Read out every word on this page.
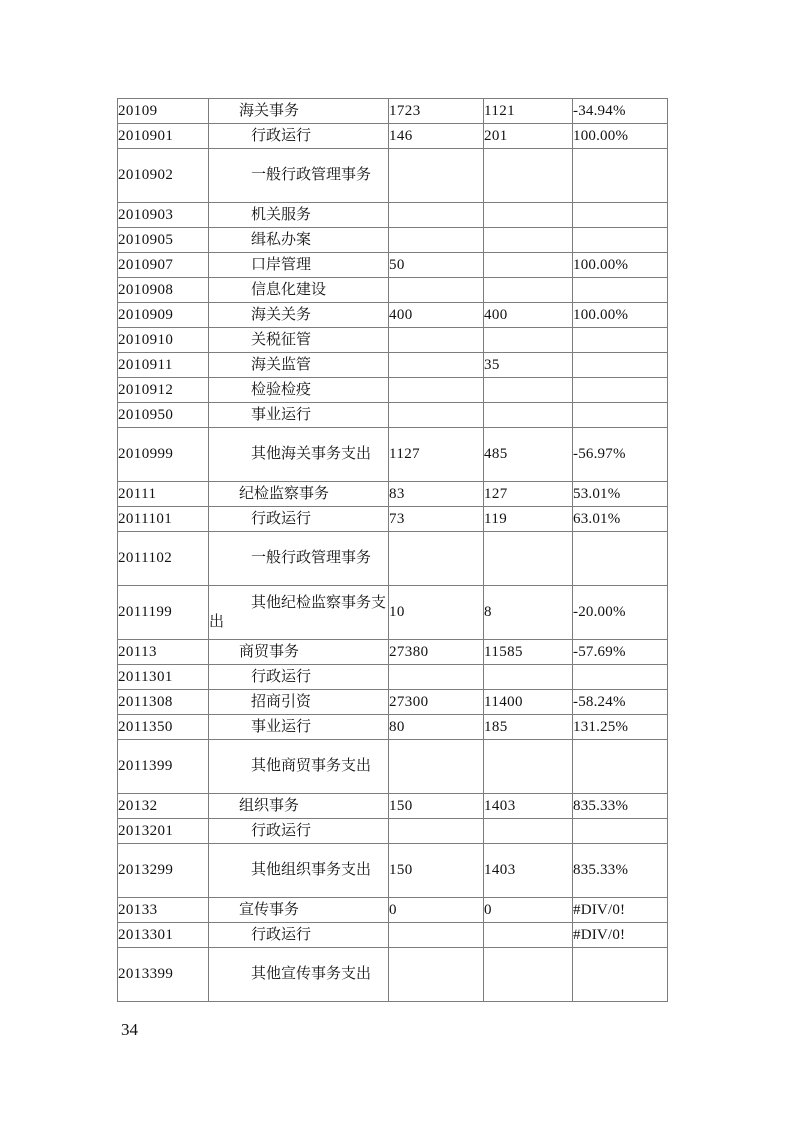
20109	海关事务	1723	1121	-34.94%
2010901	行政运行	146	201	100.00%
2010902	一般行政管理事务			
2010903	机关服务			
2010905	缉私办案			
2010907	口岸管理	50		100.00%
2010908	信息化建设			
2010909	海关关务	400	400	100.00%
2010910	关税征管			
2010911	海关监管		35	
2010912	检验检疫			
2010950	事业运行			
2010999	其他海关事务支出	1127	485	-56.97%
20111	纪检监察事务	83	127	53.01%
2011101	行政运行	73	119	63.01%
2011102	一般行政管理事务			
2011199	其他纪检监察事务支出	10	8	-20.00%
20113	商贸事务	27380	11585	-57.69%
2011301	行政运行			
2011308	招商引资	27300	11400	-58.24%
2011350	事业运行	80	185	131.25%
2011399	其他商贸事务支出			
20132	组织事务	150	1403	835.33%
2013201	行政运行			
2013299	其他组织事务支出	150	1403	835.33%
20133	宣传事务	0	0	#DIV/0!
2013301	行政运行			#DIV/0!
2013399	其他宣传事务支出			
34
